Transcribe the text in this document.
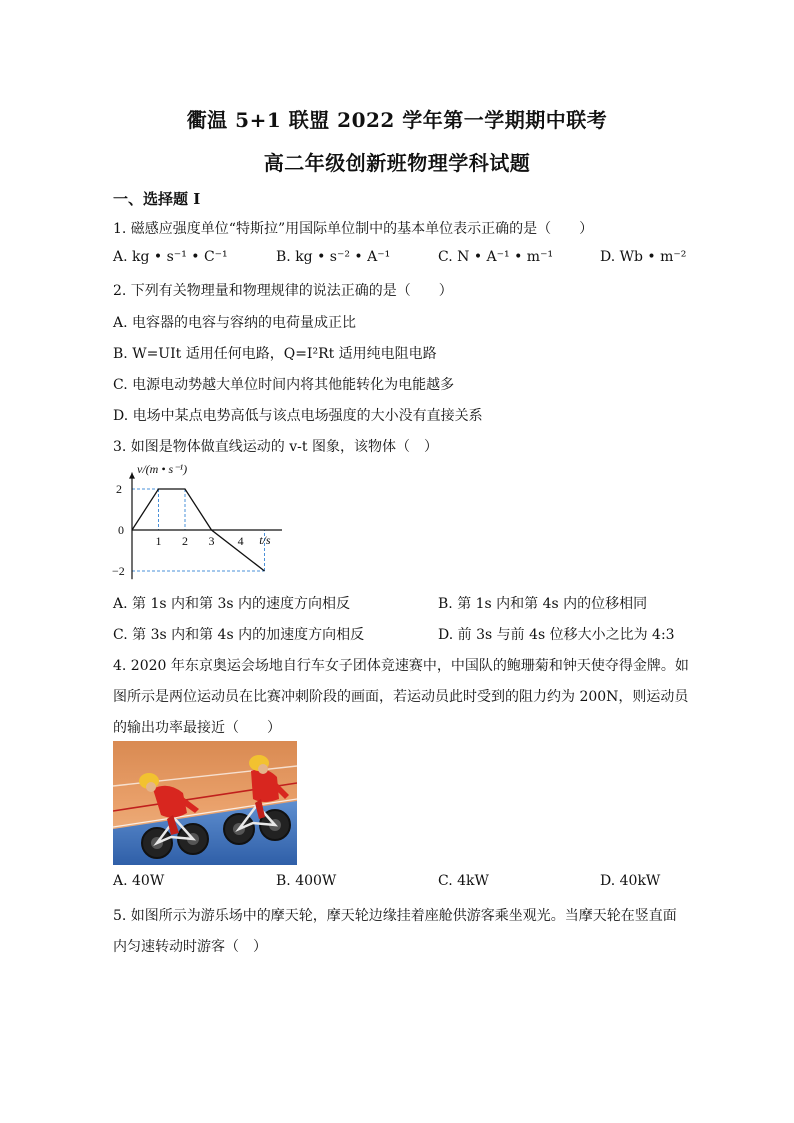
衢温 5+1 联盟 2022 学年第一学期期中联考
高二年级创新班物理学科试题
一、选择题 I
1. 磁感应强度单位“特斯拉”用国际单位制中的基本单位表示正确的是（　　）
A. kg • s⁻¹ • C⁻¹	B. kg • s⁻² • A⁻¹	C. N • A⁻¹ • m⁻¹	D. Wb • m⁻²
2. 下列有关物理量和物理规律的说法正确的是（　　）
A. 电容器的电容与容纳的电荷量成正比
B. W=UIt 适用任何电路，Q=I²Rt 适用纯电阻电路
C. 电源电动势越大单位时间内将其他能转化为电能越多
D. 电场中某点电势高低与该点电场强度的大小没有直接关系
3. 如图是物体做直线运动的 v-t 图象，该物体（　）
1 2 3 4
2
0
−2
v/(m • s⁻¹)
t/s
A. 第 1s 内和第 3s 内的速度方向相反	B. 第 1s 内和第 4s 内的位移相同
C. 第 3s 内和第 4s 内的加速度方向相反	D. 前 3s 与前 4s 位移大小之比为 4:3
4. 2020 年东京奥运会场地自行车女子团体竞速赛中，中国队的鲍珊菊和钟天使夺得金牌。如
图所示是两位运动员在比赛冲刺阶段的画面，若运动员此时受到的阻力约为 200N，则运动员
的输出功率最接近（　　）
A. 40W	B. 400W	C. 4kW	D. 40kW
5. 如图所示为游乐场中的摩天轮，摩天轮边缘挂着座舱供游客乘坐观光。当摩天轮在竖直面
内匀速转动时游客（　）
